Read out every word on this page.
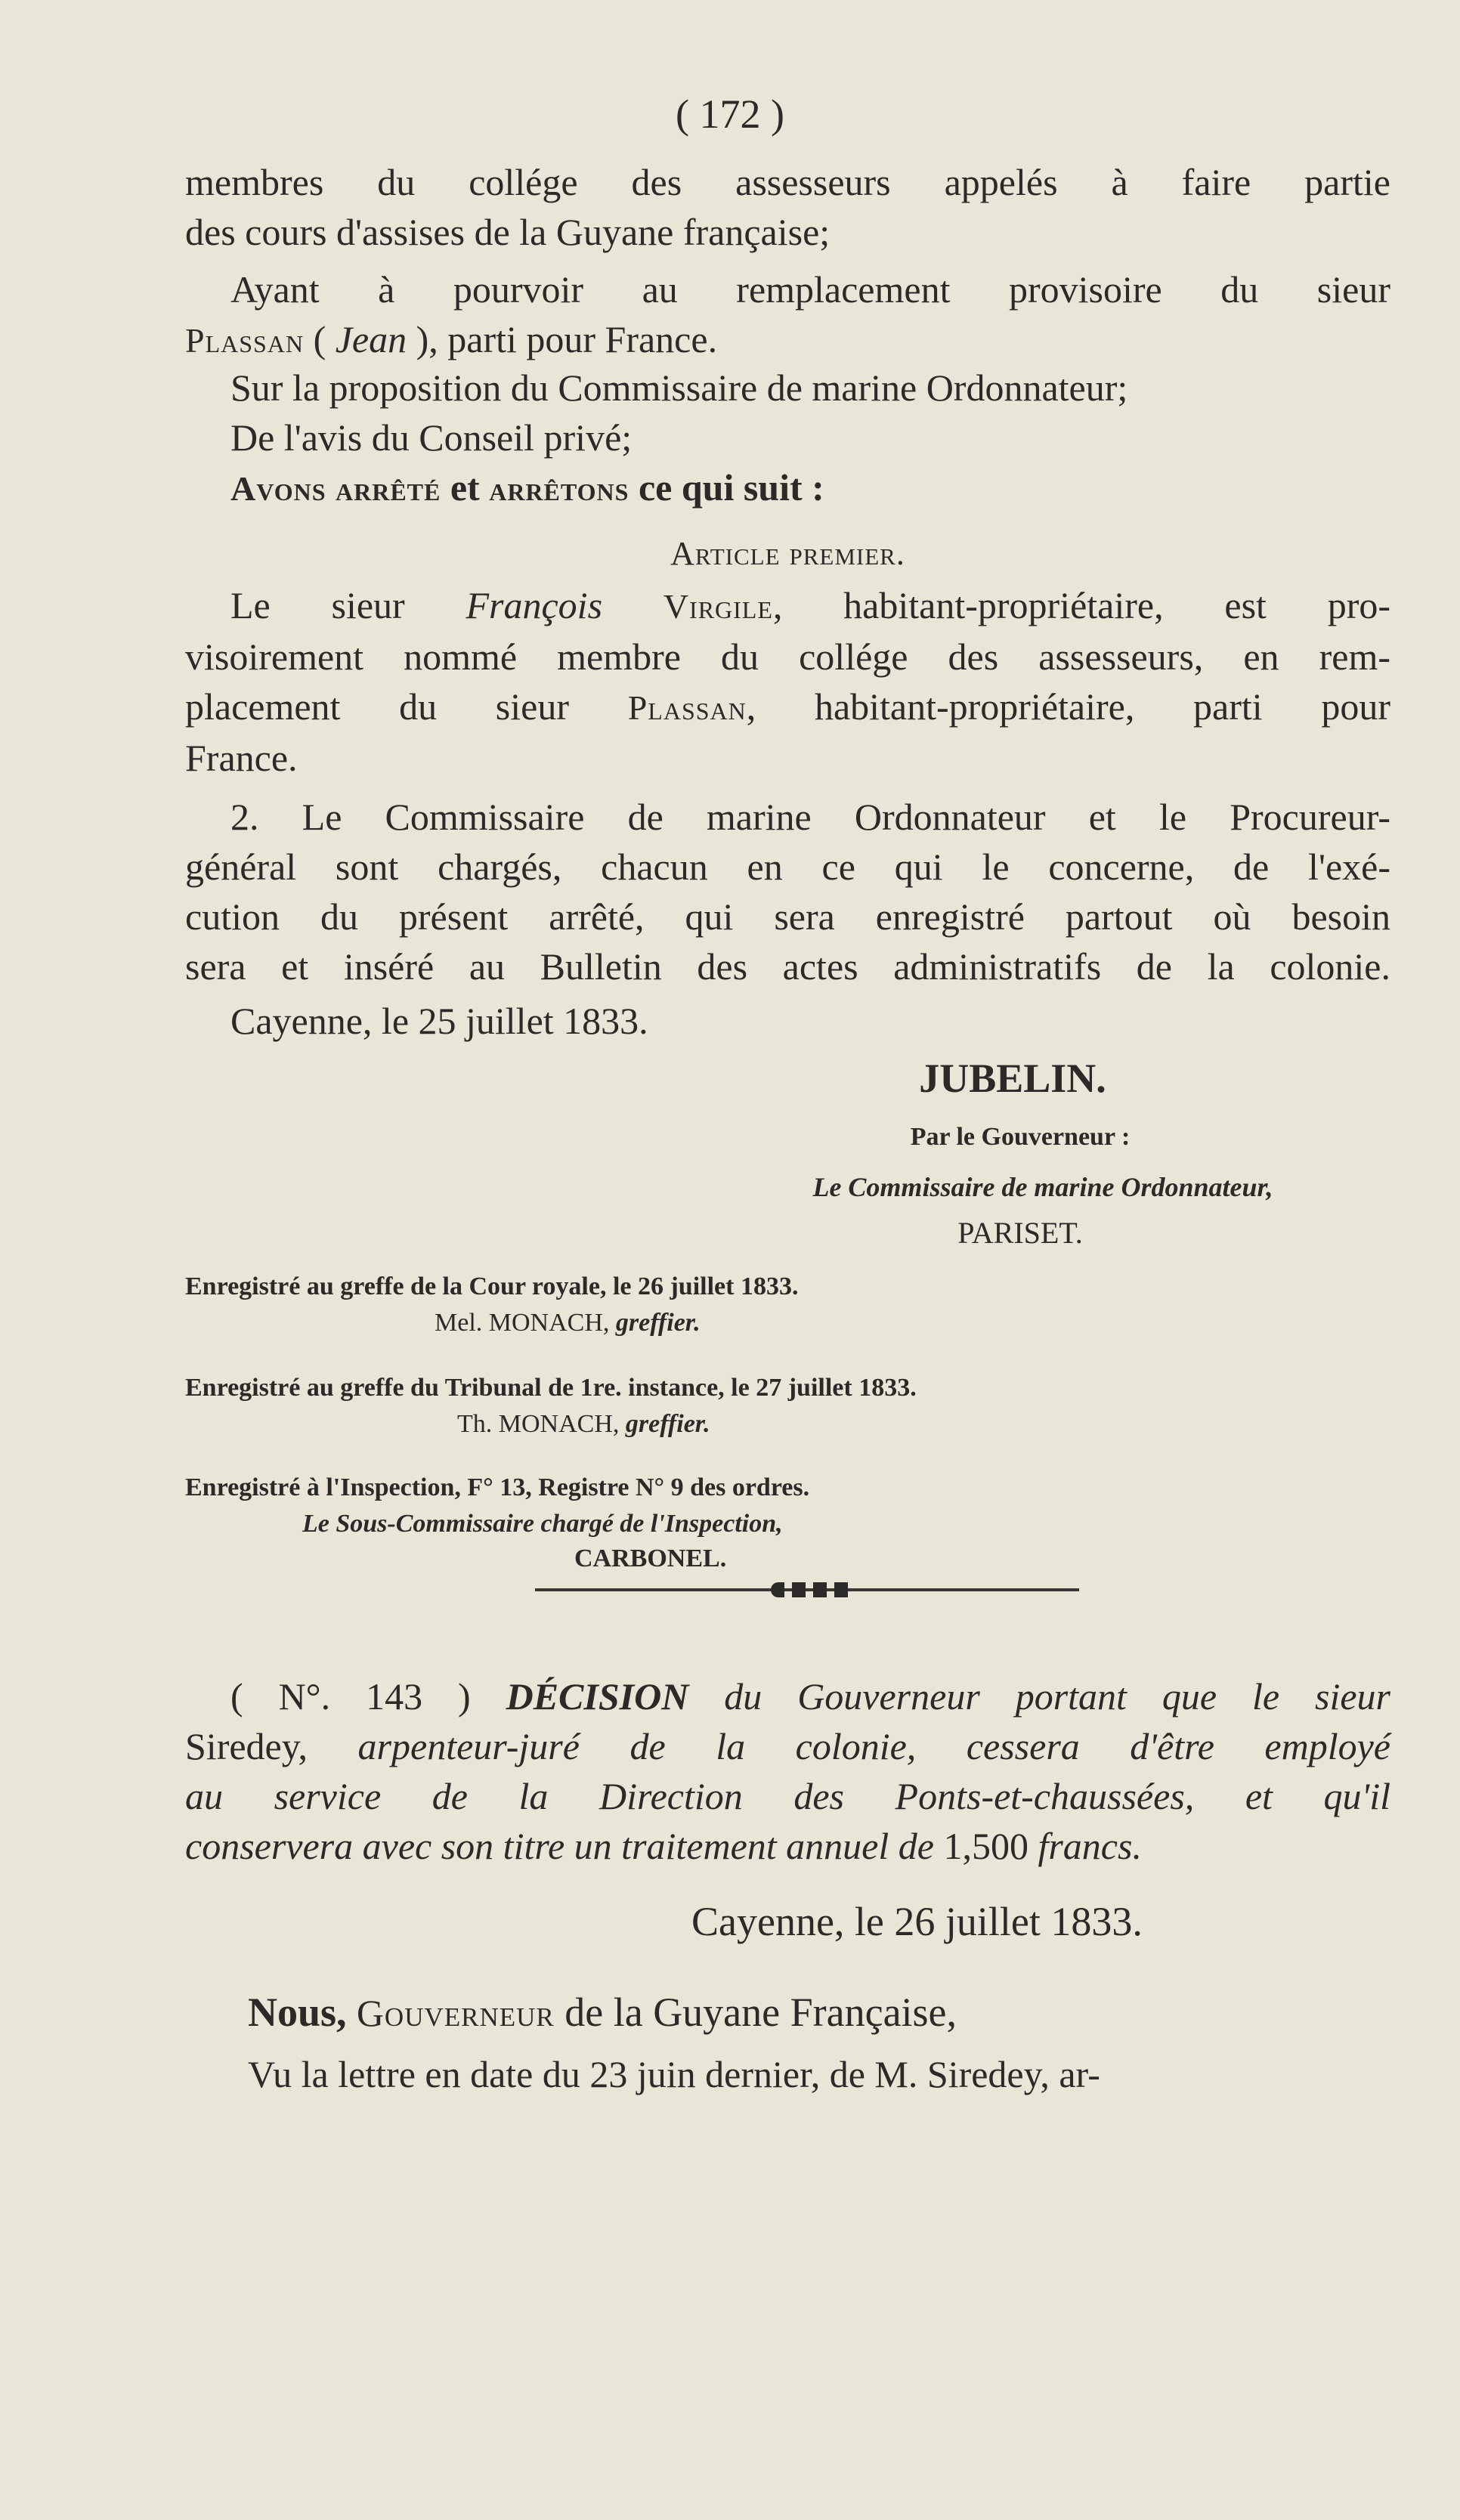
( 172 )
membres du collége des assesseurs appelés à faire partie
des cours d'assises de la Guyane française;
Ayant à pourvoir au remplacement provisoire du sieur
Plassan ( Jean ), parti pour France.
Sur la proposition du Commissaire de marine Ordonnateur;
De l'avis du Conseil privé;
Avons arrêté et arrêtons ce qui suit :
Article premier.
Le sieur François Virgile, habitant-propriétaire, est pro-
visoirement nommé membre du collége des assesseurs, en rem-
placement du sieur Plassan, habitant-propriétaire, parti pour
France.
2. Le Commissaire de marine Ordonnateur et le Procureur-
général sont chargés, chacun en ce qui le concerne, de l'exé-
cution du présent arrêté, qui sera enregistré partout où besoin
sera et inséré au Bulletin des actes administratifs de la colonie.
Cayenne, le 25 juillet 1833.
JUBELIN.
Par le Gouverneur :
Le Commissaire de marine Ordonnateur,
PARISET.
Enregistré au greffe de la Cour royale, le 26 juillet 1833.
Mel. MONACH, greffier.
Enregistré au greffe du Tribunal de 1re. instance, le 27 juillet 1833.
Th. MONACH, greffier.
Enregistré à l'Inspection, F° 13, Registre N° 9 des ordres.
Le Sous-Commissaire chargé de l'Inspection,
CARBONEL.
( N°. 143 ) DÉCISION du Gouverneur portant que le sieur
Siredey, arpenteur-juré de la colonie, cessera d'être employé
au service de la Direction des Ponts-et-chaussées, et qu'il
conservera avec son titre un traitement annuel de 1,500 francs.
Cayenne, le 26 juillet 1833.
Nous, Gouverneur de la Guyane Française,
Vu la lettre en date du 23 juin dernier, de M. Siredey, ar-
